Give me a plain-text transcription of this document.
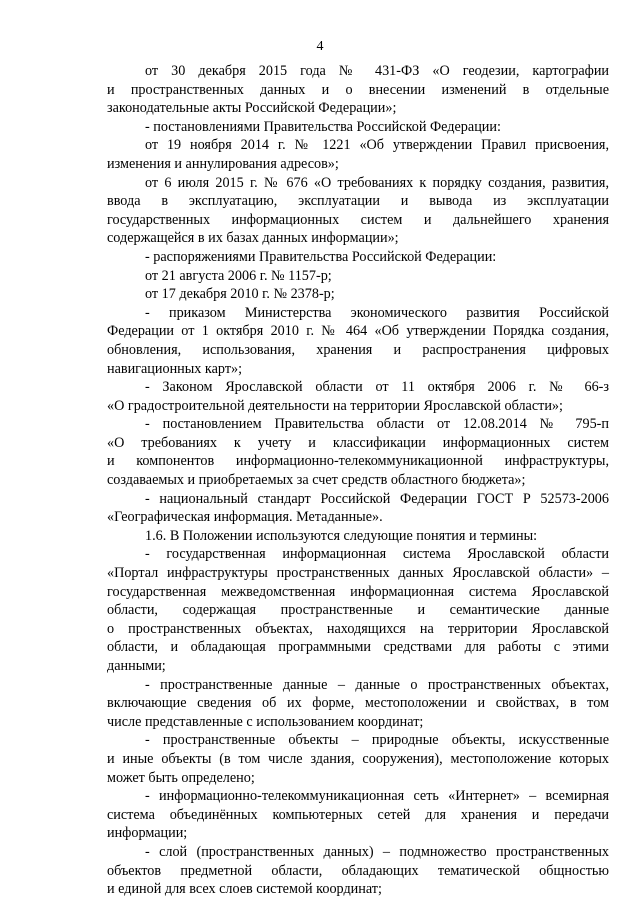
4
от 30 декабря 2015 года № 431-ФЗ «О геодезии, картографии
и пространственных данных и о внесении изменений в отдельные
законодательные акты Российской Федерации»;
- постановлениями Правительства Российской Федерации:
от 19 ноября 2014 г. № 1221 «Об утверждении Правил присвоения,
изменения и аннулирования адресов»;
от 6 июля 2015 г. № 676 «О требованиях к порядку создания, развития,
ввода в эксплуатацию, эксплуатации и вывода из эксплуатации
государственных информационных систем и дальнейшего хранения
содержащейся в их базах данных информации»;
- распоряжениями Правительства Российской Федерации:
от 21 августа 2006 г. № 1157-р;
от 17 декабря 2010 г. № 2378-р;
- приказом Министерства экономического развития Российской
Федерации от 1 октября 2010 г. № 464 «Об утверждении Порядка создания,
обновления, использования, хранения и распространения цифровых
навигационных карт»;
- Законом Ярославской области от 11 октября 2006 г. № 66-з
«О градостроительной деятельности на территории Ярославской области»;
- постановлением Правительства области от 12.08.2014 № 795-п
«О требованиях к учету и классификации информационных систем
и компонентов информационно-телекоммуникационной инфраструктуры,
создаваемых и приобретаемых за счет средств областного бюджета»;
- национальный стандарт Российской Федерации ГОСТ Р 52573-2006
«Географическая информация. Метаданные».
1.6. В Положении используются следующие понятия и термины:
- государственная информационная система Ярославской области
«Портал инфраструктуры пространственных данных Ярославской области» –
государственная межведомственная информационная система Ярославской
области, содержащая пространственные и семантические данные
о пространственных объектах, находящихся на территории Ярославской
области, и обладающая программными средствами для работы с этими
данными;
- пространственные данные – данные о пространственных объектах,
включающие сведения об их форме, местоположении и свойствах, в том
числе представленные с использованием координат;
- пространственные объекты – природные объекты, искусственные
и иные объекты (в том числе здания, сооружения), местоположение которых
может быть определено;
- информационно-телекоммуникационная сеть «Интернет» – всемирная
система объединённых компьютерных сетей для хранения и передачи
информации;
- слой (пространственных данных) – подмножество пространственных
объектов предметной области, обладающих тематической общностью
и единой для всех слоев системой координат;
